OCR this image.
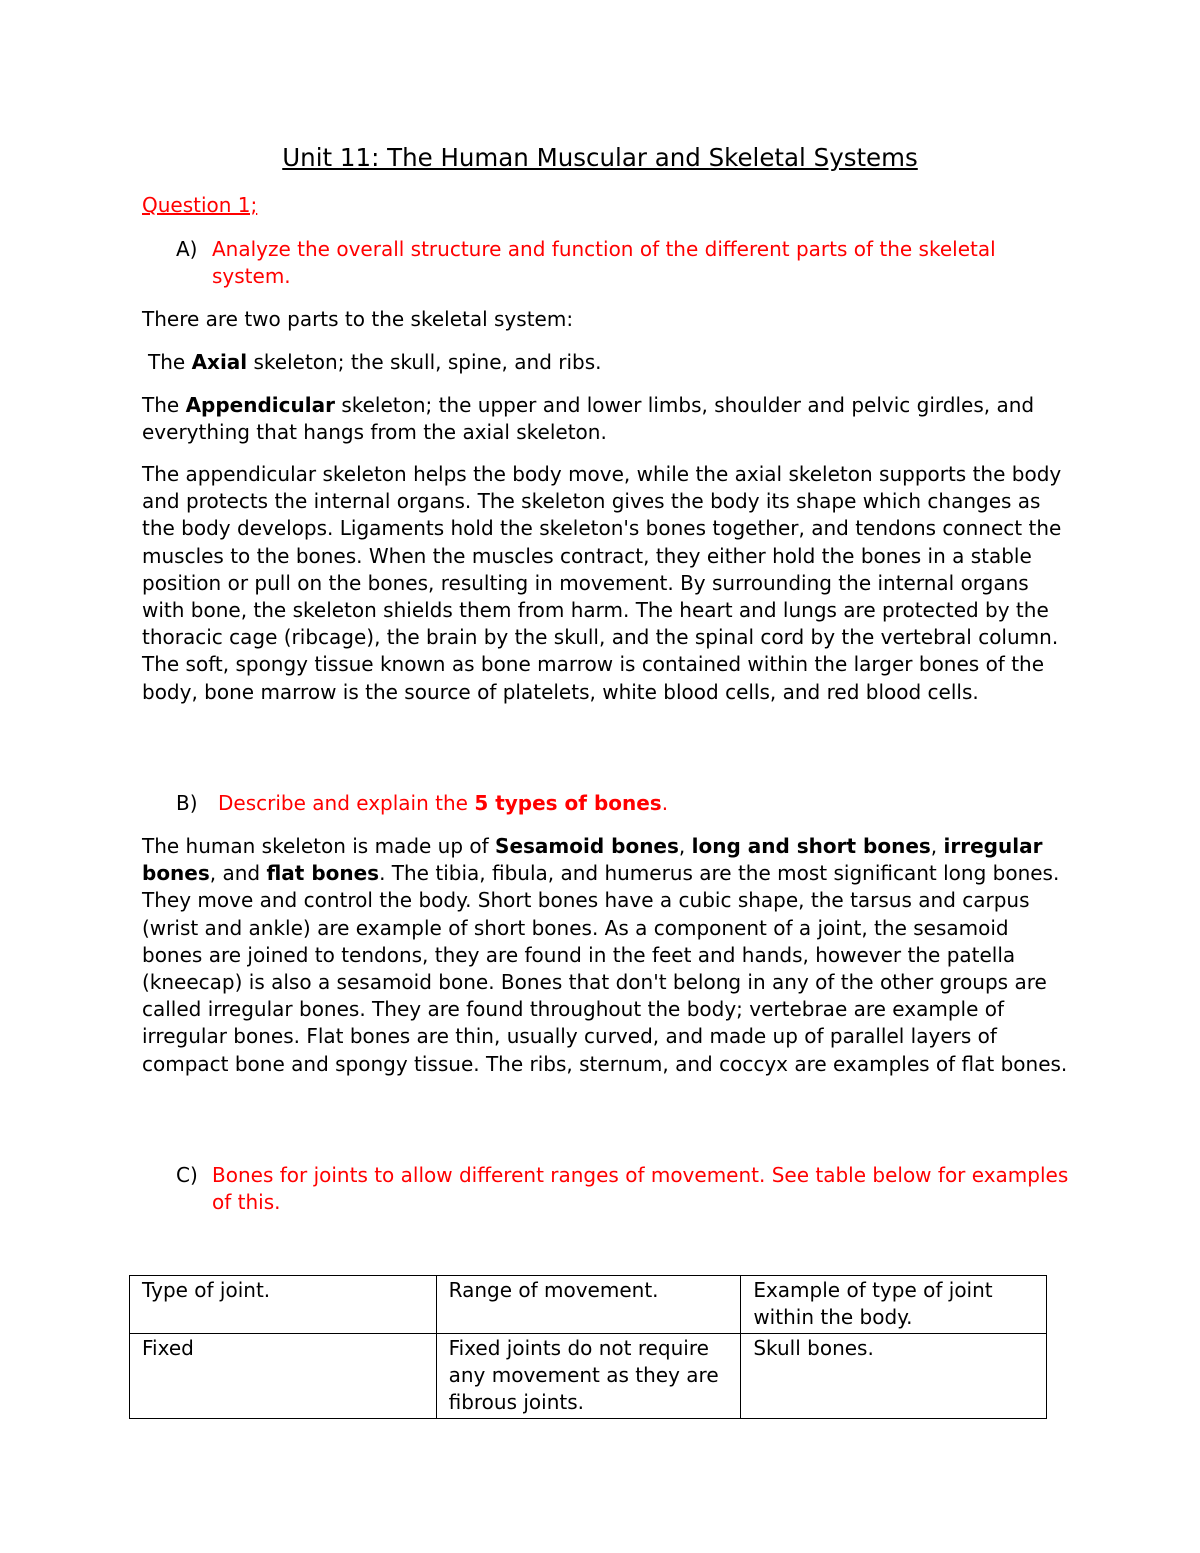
Unit 11: The Human Muscular and Skeletal Systems
Question 1;
A) Analyze the overall structure and function of the different parts of the skeletal system.

There are two parts to the skeletal system:

The Axial skeleton; the skull, spine, and ribs.

The Appendicular skeleton; the upper and lower limbs, shoulder and pelvic girdles, and everything that hangs from the axial skeleton.

The appendicular skeleton helps the body move, while the axial skeleton supports the body and protects the internal organs. The skeleton gives the body its shape which changes as the body develops. Ligaments hold the skeleton's bones together, and tendons connect the muscles to the bones. When the muscles contract, they either hold the bones in a stable position or pull on the bones, resulting in movement. By surrounding the internal organs with bone, the skeleton shields them from harm. The heart and lungs are protected by the thoracic cage (ribcage), the brain by the skull, and the spinal cord by the vertebral column. The soft, spongy tissue known as bone marrow is contained within the larger bones of the body, bone marrow is the source of platelets, white blood cells, and red blood cells.

B) Describe and explain the 5 types of bones.

The human skeleton is made up of Sesamoid bones, long and short bones, irregular bones, and flat bones. The tibia, fibula, and humerus are the most significant long bones. They move and control the body. Short bones have a cubic shape, the tarsus and carpus (wrist and ankle) are example of short bones. As a component of a joint, the sesamoid bones are joined to tendons, they are found in the feet and hands, however the patella (kneecap) is also a sesamoid bone. Bones that don't belong in any of the other groups are called irregular bones. They are found throughout the body; vertebrae are example of irregular bones. Flat bones are thin, usually curved, and made up of parallel layers of compact bone and spongy tissue. The ribs, sternum, and coccyx are examples of flat bones.

C) Bones for joints to allow different ranges of movement. See table below for examples of this.
Type of joint.	Range of movement.	Example of type of joint within the body.
Fixed	Fixed joints do not require any movement as they are fibrous joints.	Skull bones.
